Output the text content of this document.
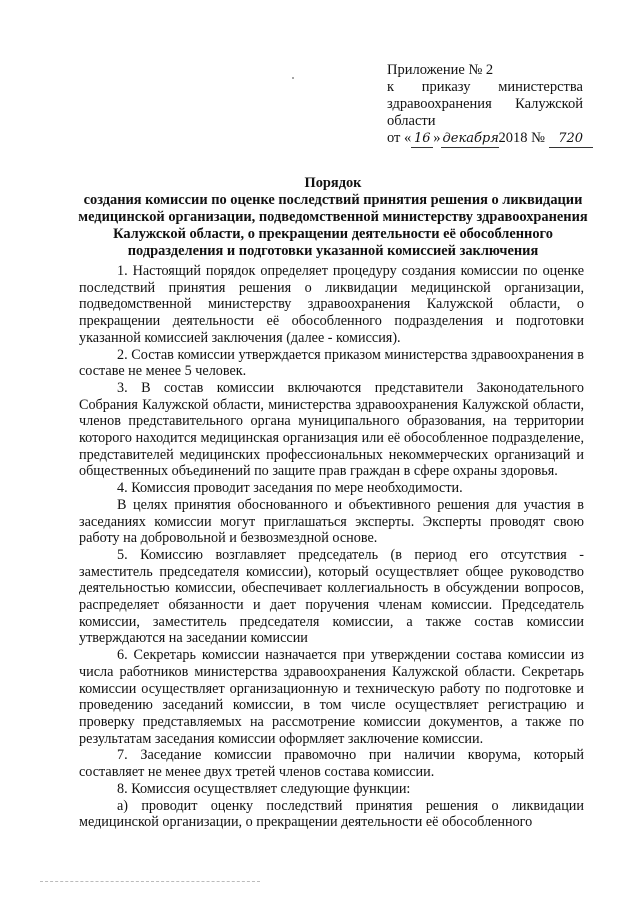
Приложение № 2
к приказу министерства
здравоохранения Калужской
области
от « 16 » декабря2018 № 720
Порядок
создания комиссии по оценке последствий принятия решения о ликвидации медицинской организации, подведомственной министерству здравоохранения Калужской области, о прекращении деятельности её обособленного подразделения и подготовки указанной комиссией заключения

1. Настоящий порядок определяет процедуру создания комиссии по оценке последствий принятия решения о ликвидации медицинской организации, подведомственной министерству здравоохранения Калужской области, о прекращении деятельности её обособленного подразделения и подготовки указанной комиссией заключения (далее - комиссия).

2. Состав комиссии утверждается приказом министерства здравоохранения в составе не менее 5 человек.

3. В состав комиссии включаются представители Законодательного Собрания Калужской области, министерства здравоохранения Калужской области, членов представительного органа муниципального образования, на территории которого находится медицинская организация или её обособленное подразделение, представителей медицинских профессиональных некоммерческих организаций и общественных объединений по защите прав граждан в сфере охраны здоровья.

4. Комиссия проводит заседания по мере необходимости.

В целях принятия обоснованного и объективного решения для участия в заседаниях комиссии могут приглашаться эксперты. Эксперты проводят свою работу на добровольной и безвозмездной основе.

5. Комиссию возглавляет председатель (в период его отсутствия - заместитель председателя комиссии), который осуществляет общее руководство деятельностью комиссии, обеспечивает коллегиальность в обсуждении вопросов, распределяет обязанности и дает поручения членам комиссии. Председатель комиссии, заместитель председателя комиссии, а также состав комиссии утверждаются на заседании комиссии

6. Секретарь комиссии назначается при утверждении состава комиссии из числа работников министерства здравоохранения Калужской области. Секретарь комиссии осуществляет организационную и техническую работу по подготовке и проведению заседаний комиссии, в том числе осуществляет регистрацию и проверку представляемых на рассмотрение комиссии документов, а также по результатам заседания комиссии оформляет заключение комиссии.

7. Заседание комиссии правомочно при наличии кворума, который составляет не менее двух третей членов состава комиссии.

8. Комиссия осуществляет следующие функции:

а) проводит оценку последствий принятия решения о ликвидации медицинской организации, о прекращении деятельности её обособленного
